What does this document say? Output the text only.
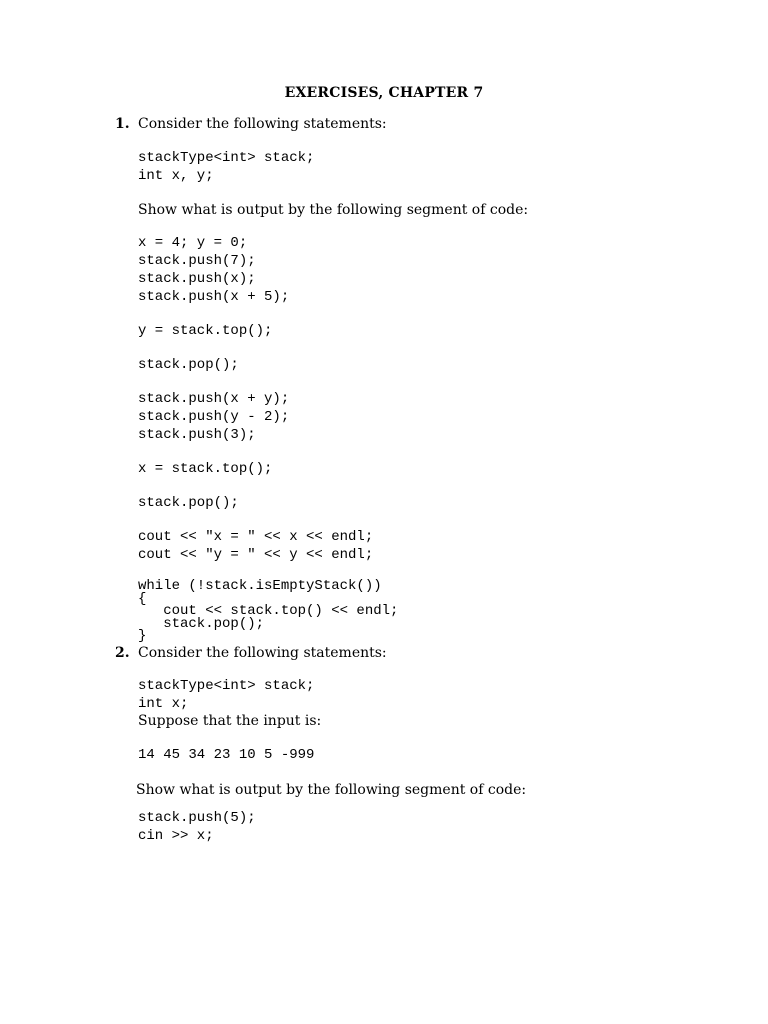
EXERCISES, CHAPTER 7
1. Consider the following statements:
stackType<int> stack;
int x, y;
Show what is output by the following segment of code:
x = 4; y = 0;
stack.push(7);
stack.push(x);
stack.push(x + 5);
y = stack.top();
stack.pop();
stack.push(x + y);
stack.push(y - 2);
stack.push(3);
x = stack.top();
stack.pop();
cout << "x = " << x << endl;
cout << "y = " << y << endl;
while (!stack.isEmptyStack())
{
cout << stack.top() << endl;
stack.pop();
}
2. Consider the following statements:
stackType<int> stack;
int x;
Suppose that the input is:
14 45 34 23 10 5 -999
Show what is output by the following segment of code:
stack.push(5);
cin >> x;
